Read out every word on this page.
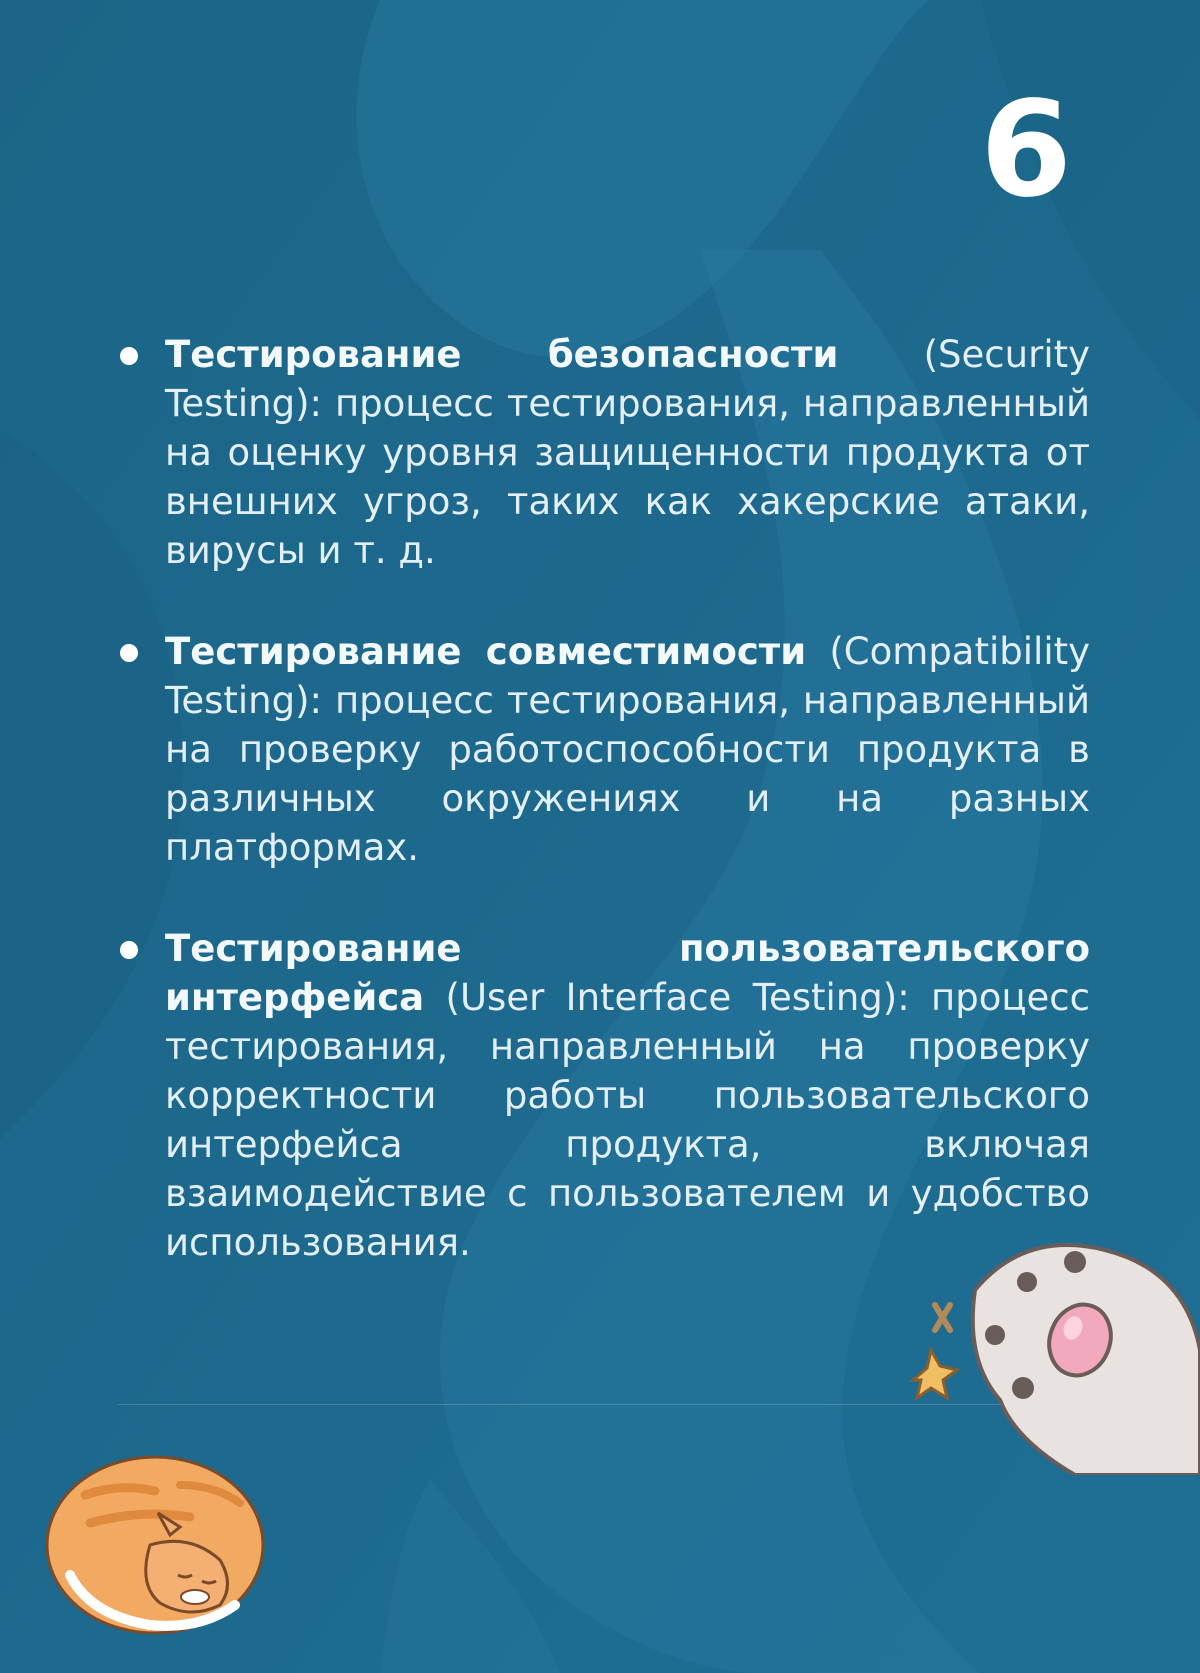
6
Тестирование безопасности (Security Testing): процесс тестирования, направленный на оценку уровня защищенности продукта от внешних угроз, таких как хакерские атаки, вирусы и т. д.
Тестирование совместимости (Compatibility Testing): процесс тестирования, направленный на проверку работоспособности продукта в различных окружениях и на разных платформах.
Тестирование пользовательского интерфейса (User Interface Testing): процесс тестирования, направленный на проверку корректности работы пользовательского интерфейса продукта, включая взаимодействие с пользователем и удобство использования.
